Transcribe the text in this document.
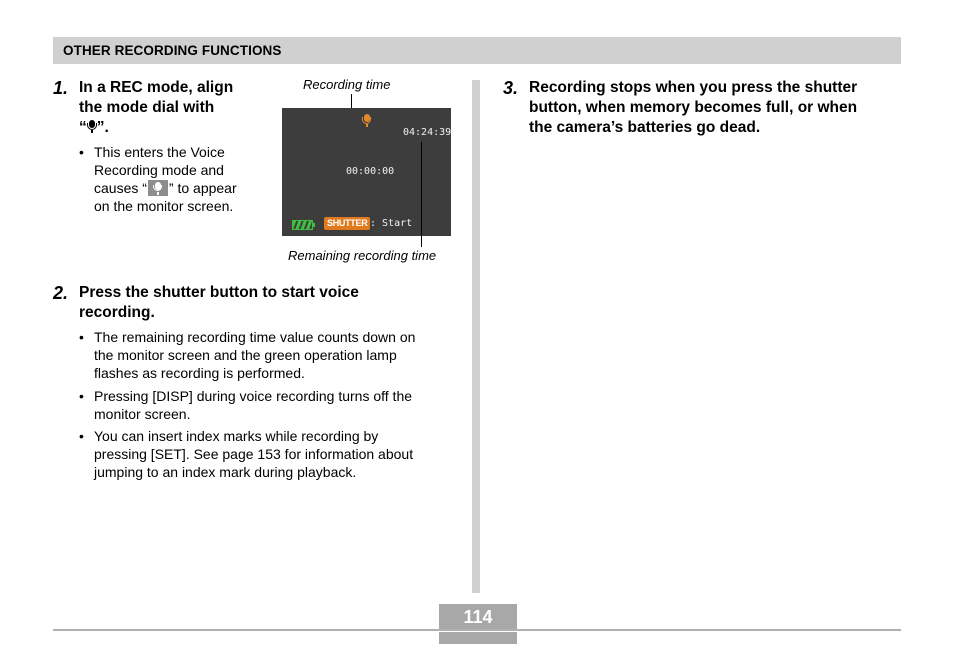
OTHER RECORDING FUNCTIONS
1. In a REC mode, align
the mode dial with
“ ”.
• This enters the Voice
Recording mode and
causes “ ” to appear
on the monitor screen.
Recording time
04:24:39
00:00:00
SHUTTER : Start
Remaining recording time
2. Press the shutter button to start voice
recording.
• The remaining recording time value counts down on
the monitor screen and the green operation lamp
flashes as recording is performed.
• Pressing [DISP] during voice recording turns off the
monitor screen.
• You can insert index marks while recording by
pressing [SET]. See page 153 for information about
jumping to an index mark during playback.
3. Recording stops when you press the shutter
button, when memory becomes full, or when
the camera’s batteries go dead.
114
